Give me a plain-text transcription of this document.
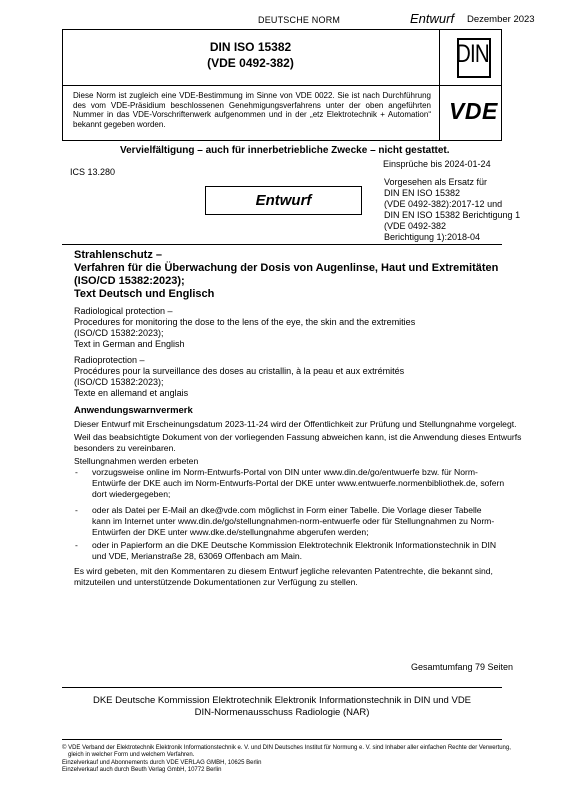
DEUTSCHE NORM	Entwurf Dezember 2023
DIN ISO 15382
(VDE 0492-382)	DIN
Diese Norm ist zugleich eine VDE-Bestimmung im Sinne von VDE 0022. Sie ist nach Durchführung des vom VDE-Präsidium beschlossenen Genehmigungsverfahrens unter der oben angeführten Nummer in das VDE-Vorschriftenwerk aufgenommen und in der „etz Elektrotechnik + Automation“ bekannt gegeben worden.	VDE
Vervielfältigung – auch für innerbetriebliche Zwecke – nicht gestattet.
Einsprüche bis 2024-01-24
ICS 13.280
Vorgesehen als Ersatz für
DIN EN ISO 15382
(VDE 0492-382):2017-12 und
DIN EN ISO 15382 Berichtigung 1
(VDE 0492-382
Berichtigung 1):2018-04
Entwurf
Strahlenschutz –
Verfahren für die Überwachung der Dosis von Augenlinse, Haut und Extremitäten
(ISO/CD 15382:2023);
Text Deutsch und Englisch
Radiological protection –
Procedures for monitoring the dose to the lens of the eye, the skin and the extremities
(ISO/CD 15382:2023);
Text in German and English
Radioprotection –
Procédures pour la surveillance des doses au cristallin, à la peau et aux extrémités
(ISO/CD 15382:2023);
Texte en allemand et anglais
Anwendungswarnvermerk
Dieser Entwurf mit Erscheinungsdatum 2023-11-24 wird der Öffentlichkeit zur Prüfung und Stellungnahme vorgelegt.
Weil das beabsichtigte Dokument von der vorliegenden Fassung abweichen kann, ist die Anwendung dieses Entwurfs
besonders zu vereinbaren.
Stellungnahmen werden erbeten
- vorzugsweise online im Norm-Entwurfs-Portal von DIN unter www.din.de/go/entwuerfe bzw. für Norm-
Entwürfe der DKE auch im Norm-Entwurfs-Portal der DKE unter www.entwuerfe.normenbibliothek.de, sofern
dort wiedergegeben;
- oder als Datei per E-Mail an dke@vde.com möglichst in Form einer Tabelle. Die Vorlage dieser Tabelle
kann im Internet unter www.din.de/go/stellungnahmen-norm-entwuerfe oder für Stellungnahmen zu Norm-
Entwürfen der DKE unter www.dke.de/stellungnahme abgerufen werden;
- oder in Papierform an die DKE Deutsche Kommission Elektrotechnik Elektronik Informationstechnik in DIN
und VDE, Merianstraße 28, 63069 Offenbach am Main.
Es wird gebeten, mit den Kommentaren zu diesem Entwurf jegliche relevanten Patentrechte, die bekannt sind,
mitzuteilen und unterstützende Dokumentationen zur Verfügung zu stellen.
Gesamtumfang 79 Seiten
DKE Deutsche Kommission Elektrotechnik Elektronik Informationstechnik in DIN und VDE
DIN-Normenausschuss Radiologie (NAR)
© VDE Verband der Elektrotechnik Elektronik Informationstechnik e. V. und DIN Deutsches Institut für Normung e. V. sind Inhaber aller einfachen Rechte der Verwertung,
gleich in welcher Form und welchem Verfahren.
Einzelverkauf und Abonnements durch VDE VERLAG GMBH, 10625 Berlin
Einzelverkauf auch durch Beuth Verlag GmbH, 10772 Berlin
